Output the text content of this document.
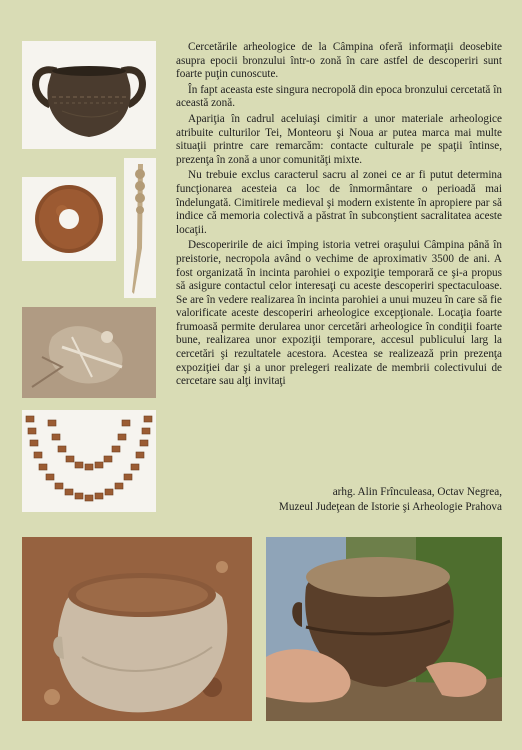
Cercetările arheologice de la Câmpina oferă informaţii deosebite asupra epocii bronzului într-o zonă în care astfel de descoperiri sunt foarte puţin cunoscute.

În fapt aceasta este singura necropolă din epoca bronzului cercetată în această zonă.

Apariţia în cadrul aceluiaşi cimitir a unor materiale arheologice atribuite culturilor Tei, Monteoru şi Noua ar putea marca mai multe situaţii printre care remarcăm: contacte culturale pe spaţii întinse, prezenţa în zonă a unor comunităţi mixte.

Nu trebuie exclus caracterul sacru al zonei ce ar fi putut determina funcţionarea acesteia ca loc de înmormântare o perioadă mai îndelungată. Cimitirele medieval şi modern existente în apropiere par să indice că memoria colectivă a păstrat în subconştient sacralitatea aceste locaţii.

Descoperirile de aici împing istoria vetrei oraşului Câmpina până în preistorie, necropola având o vechime de aproximativ 3500 de ani. A fost organizată în incinta parohiei o expoziţie temporară ce şi-a propus să asigure contactul celor interesaţi cu aceste descoperiri spectaculoase. Se are în vedere realizarea în incinta parohiei a unui muzeu în care să fie valorificate aceste descoperiri arheologice excepţionale. Locaţia foarte frumoasă permite derularea unor cercetări arheologice în condiţii foarte bune, realizarea unor expoziţii temporare, accesul publicului larg la cercetări şi rezultatele acestora. Acestea se realizează prin prezenţa expoziţiei dar şi a unor prelegeri realizate de membrii colectivului de cercetare sau alţi invitaţi

arhg. Alin Frînculeasa, Octav Negrea,
Muzeul Judeţean de Istorie şi Arheologie Prahova
